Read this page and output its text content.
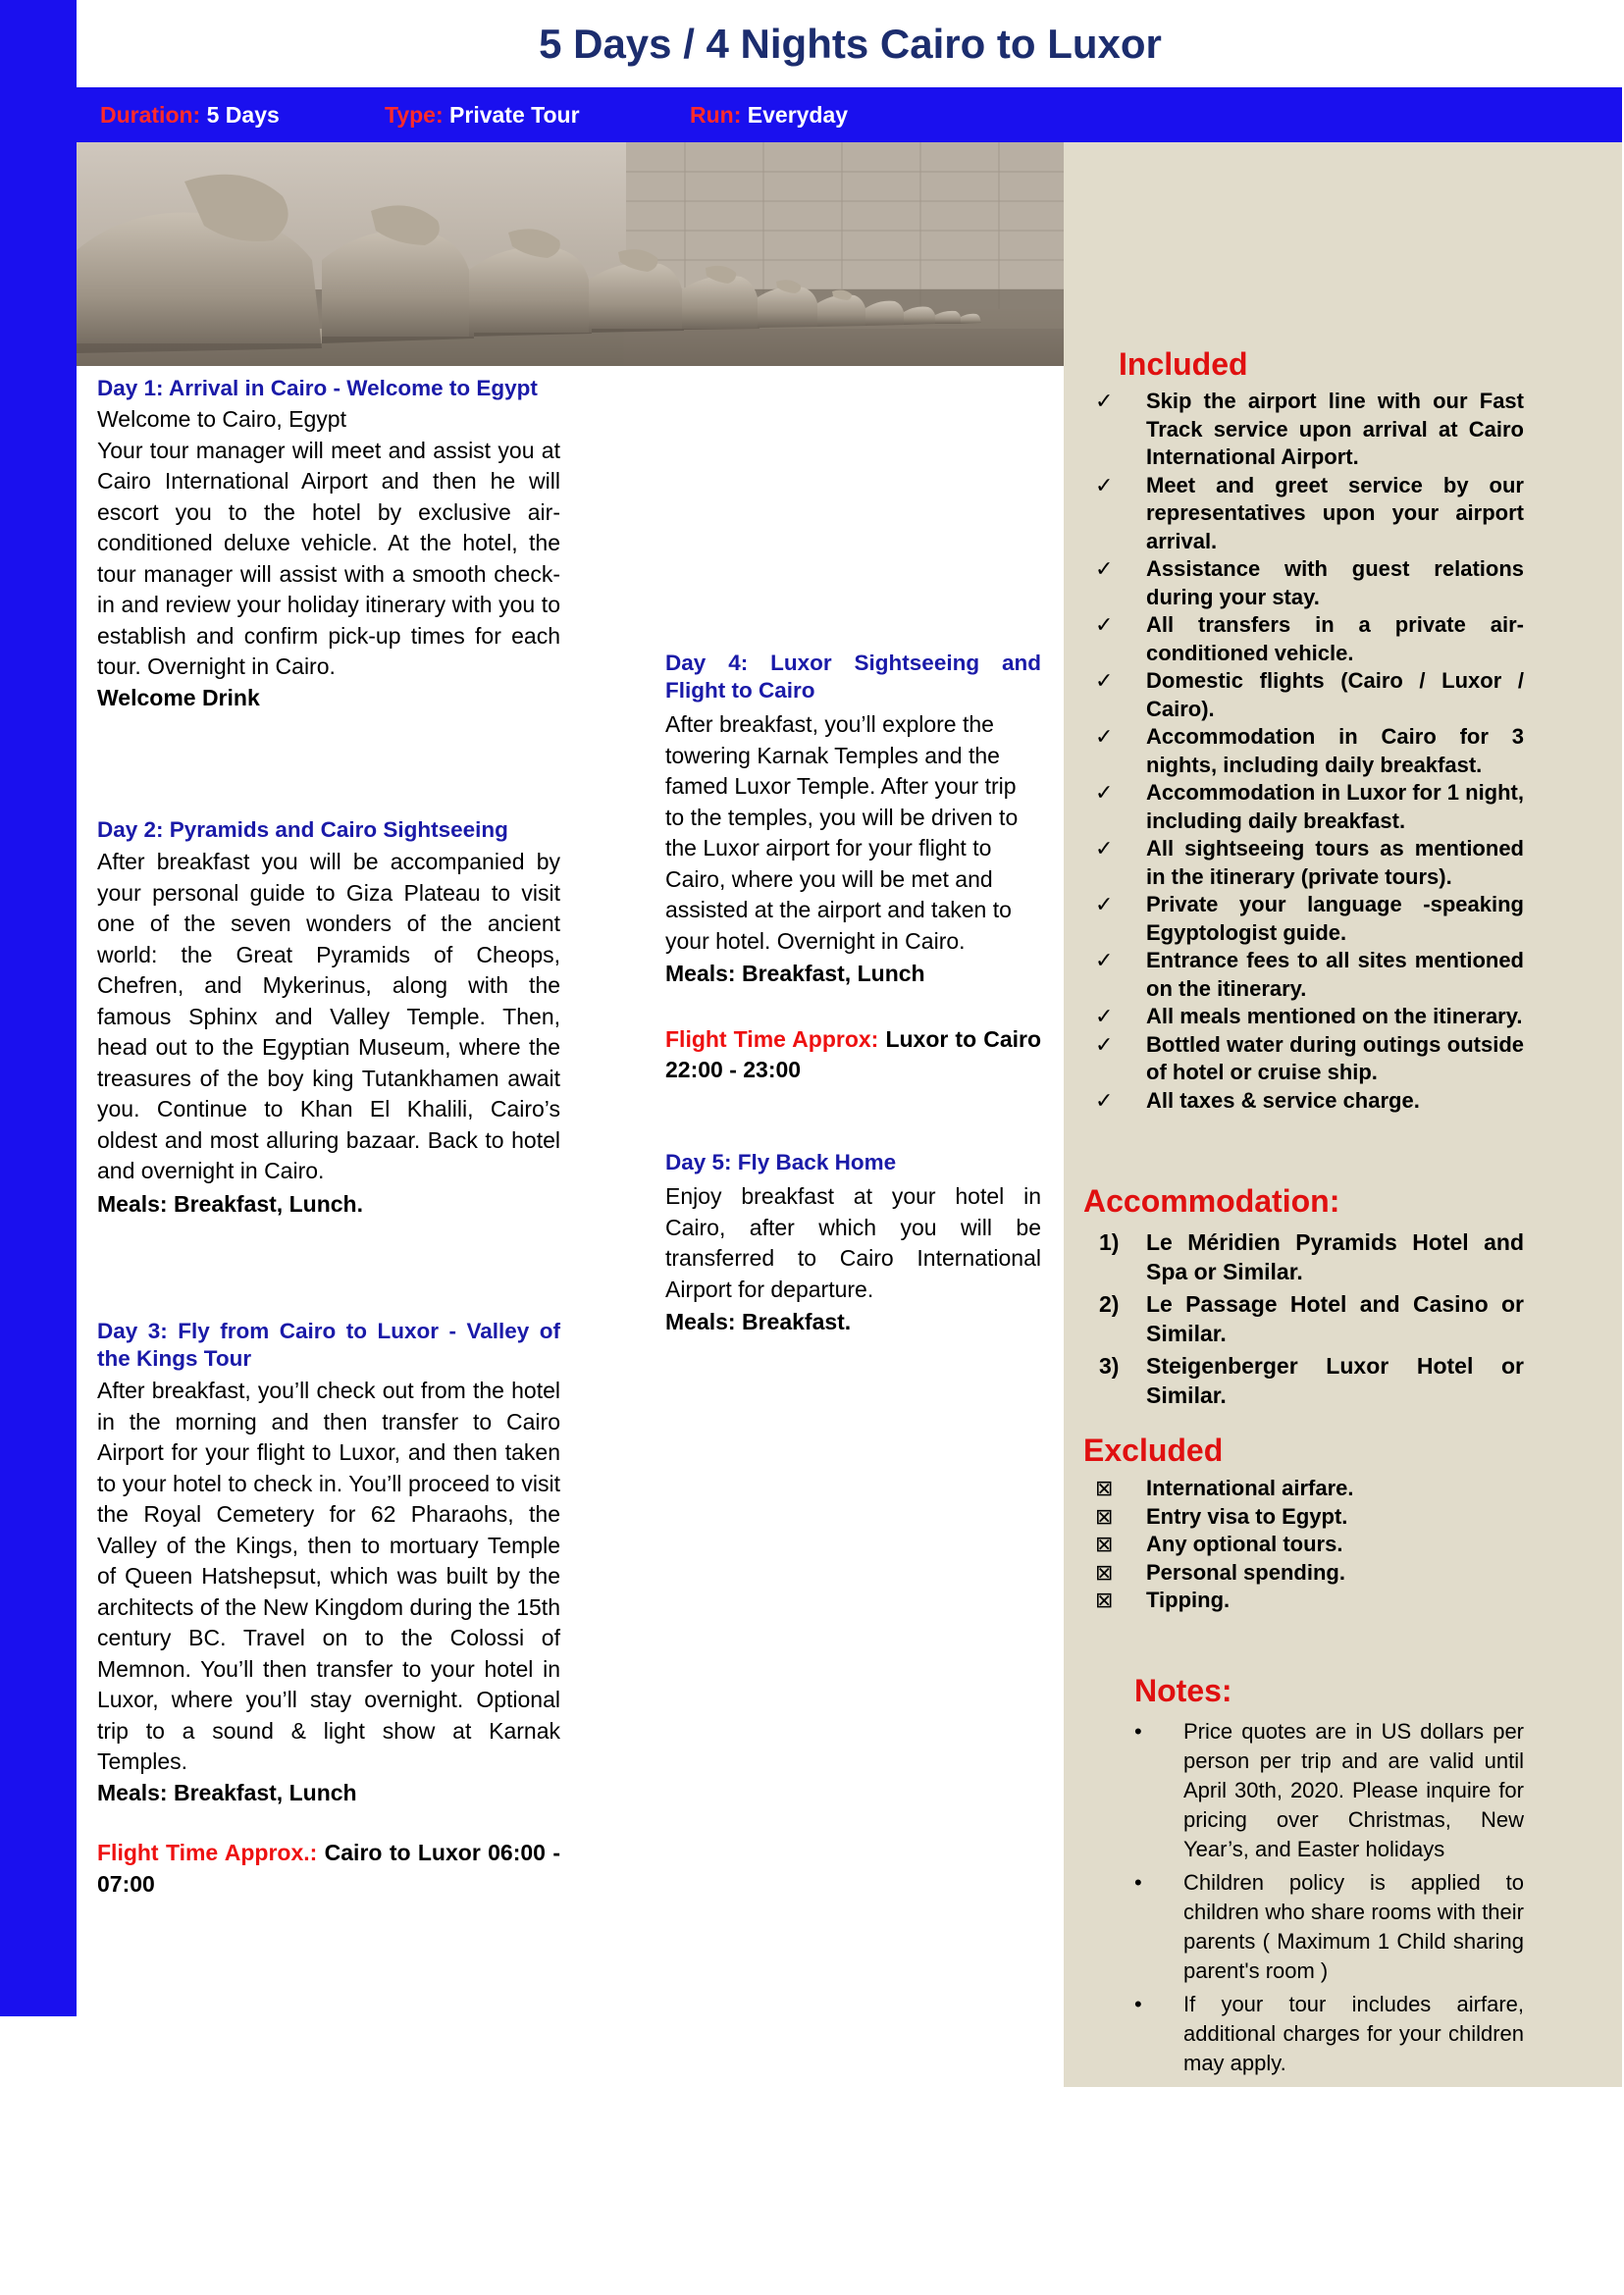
5 Days / 4 Nights Cairo to Luxor
Duration: 5 Days	Type: Private Tour	Run: Everyday
Included
✓ Skip the airport line with our Fast Track service upon arrival at Cairo International Airport.
✓ Meet and greet service by our representatives upon your airport arrival.
✓ Assistance with guest relations during your stay.
✓ All transfers in a private air-conditioned vehicle.
✓ Domestic flights (Cairo / Luxor / Cairo).
✓ Accommodation in Cairo for 3 nights, including daily breakfast.
✓ Accommodation in Luxor for 1 night, including daily breakfast.
✓ All sightseeing tours as mentioned in the itinerary (private tours).
✓ Private your language -speaking Egyptologist guide.
✓ Entrance fees to all sites mentioned on the itinerary.
✓ All meals mentioned on the itinerary.
✓ Bottled water during outings outside of hotel or cruise ship.
✓ All taxes & service charge.
Accommodation:
1) Le Méridien Pyramids Hotel and Spa or Similar.
2) Le Passage Hotel and Casino or Similar.
3) Steigenberger Luxor Hotel or Similar.
Excluded
⊠ International airfare.
⊠ Entry visa to Egypt.
⊠ Any optional tours.
⊠ Personal spending.
⊠ Tipping.
Notes:
• Price quotes are in US dollars per person per trip and are valid until April 30th, 2020. Please inquire for pricing over Christmas, New Year’s, and Easter holidays
• Children policy is applied to children who share rooms with their parents ( Maximum 1 Child sharing parent's room )
• If your tour includes airfare, additional charges for your children may apply.
Day 1: Arrival in Cairo - Welcome to Egypt

Welcome to Cairo, Egypt

Your tour manager will meet and assist you at Cairo International Airport and then he will escort you to the hotel by exclusive air-conditioned deluxe vehicle. At the hotel, the tour manager will assist with a smooth check-in and review your holiday itinerary with you to establish and confirm pick-up times for each tour. Overnight in Cairo.

Welcome Drink

Day 2: Pyramids and Cairo Sightseeing

After breakfast you will be accompanied by your personal guide to Giza Plateau to visit one of the seven wonders of the ancient world: the Great Pyramids of Cheops, Chefren, and Mykerinus, along with the famous Sphinx and Valley Temple. Then, head out to the Egyptian Museum, where the treasures of the boy king Tutankhamen await you. Continue to Khan El Khalili, Cairo’s oldest and most alluring bazaar. Back to hotel and overnight in Cairo.

Meals: Breakfast, Lunch.

Day 3: Fly from Cairo to Luxor - Valley of the Kings Tour

After breakfast, you’ll check out from the hotel in the morning and then transfer to Cairo Airport for your flight to Luxor, and then taken to your hotel to check in. You’ll proceed to visit the Royal Cemetery for 62 Pharaohs, the Valley of the Kings, then to mortuary Temple of Queen Hatshepsut, which was built by the architects of the New Kingdom during the 15th century BC. Travel on to the Colossi of Memnon. You’ll then transfer to your hotel in Luxor, where you’ll stay overnight. Optional trip to a sound & light show at Karnak Temples.

Meals: Breakfast, Lunch

Flight Time Approx.: Cairo to Luxor 06:00 - 07:00

Day 4: Luxor Sightseeing and Flight to Cairo

After breakfast, you’ll explore the towering Karnak Temples and the famed Luxor Temple. After your trip to the temples, you will be driven to the Luxor airport for your flight to Cairo, where you will be met and assisted at the airport and taken to your hotel. Overnight in Cairo.

Meals: Breakfast, Lunch

Flight Time Approx: Luxor to Cairo 22:00 - 23:00

Day 5: Fly Back Home

Enjoy breakfast at your hotel in Cairo, after which you will be transferred to Cairo International Airport for departure.

Meals: Breakfast.
